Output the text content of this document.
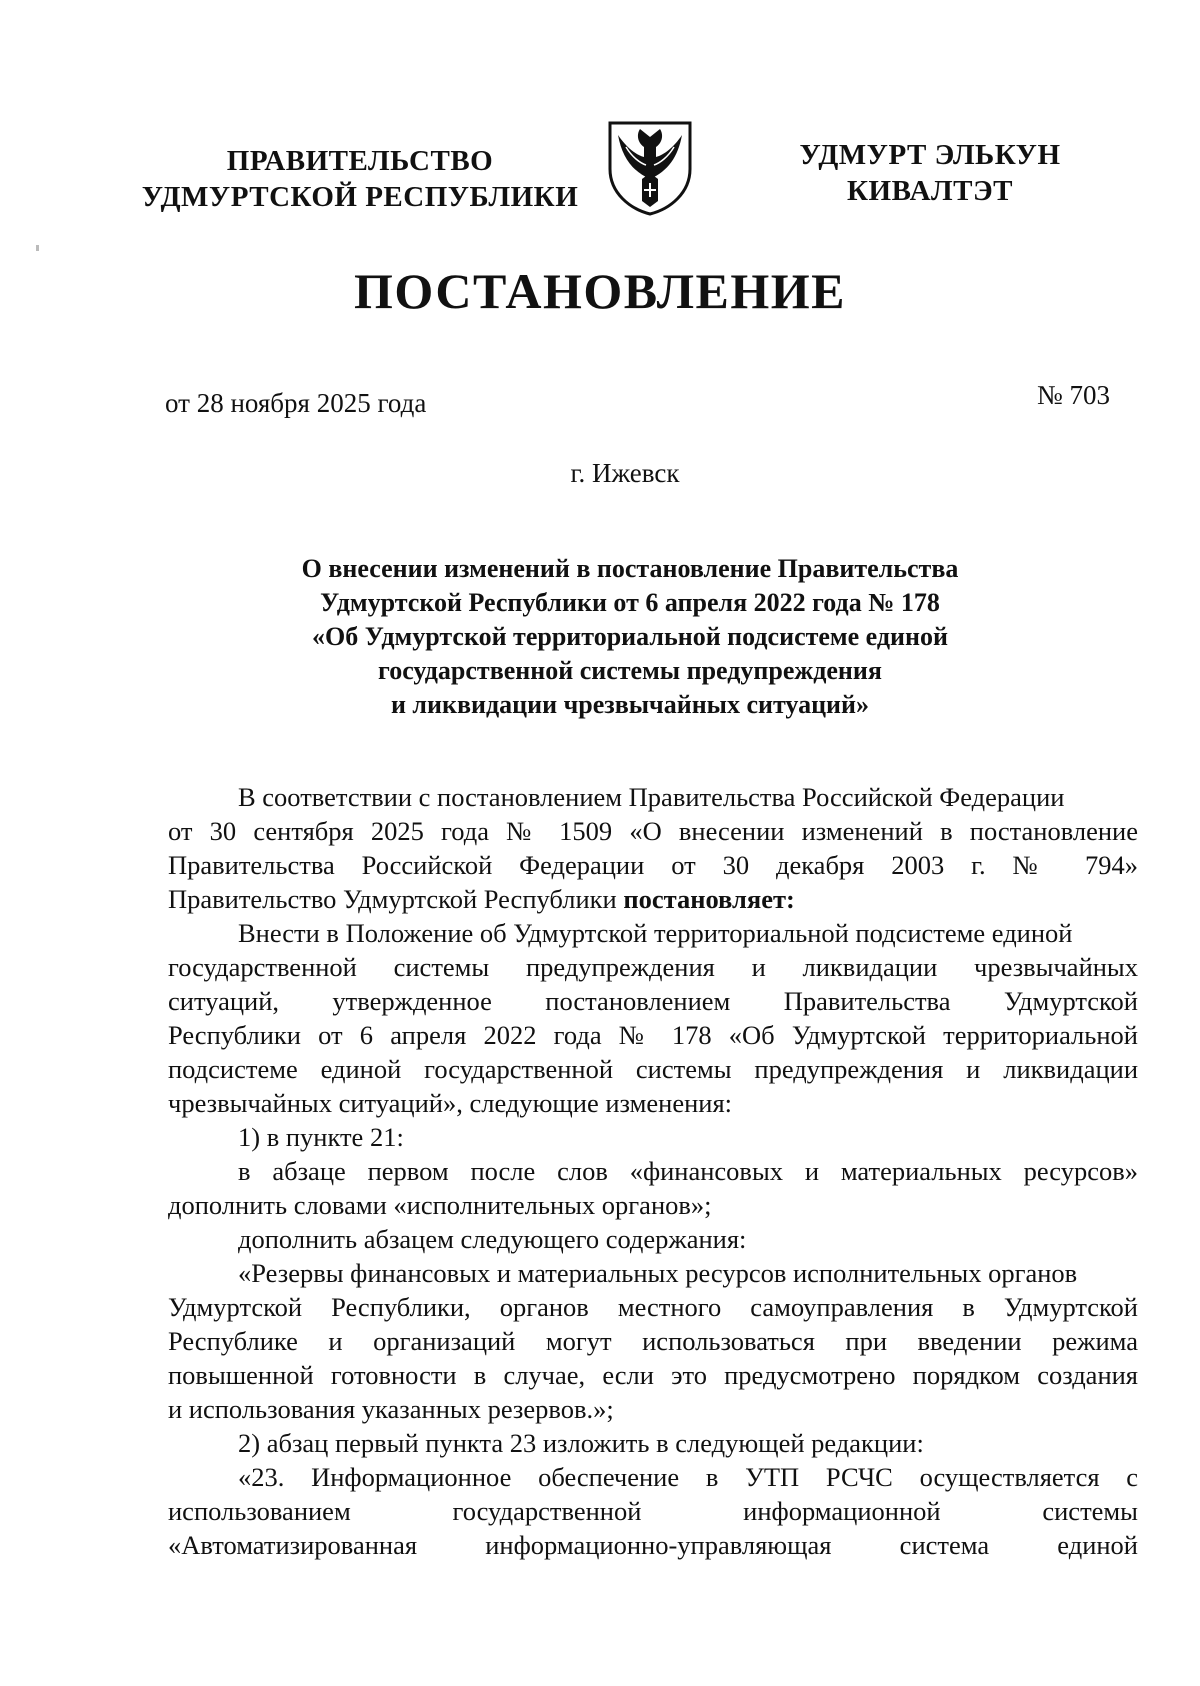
ПРАВИТЕЛЬСТВО
УДМУРТСКОЙ РЕСПУБЛИКИ
УДМУРТ ЭЛЬКУН
КИВАЛТЭТ
ПОСТАНОВЛЕНИЕ
от 28 ноября 2025 года	№ 703
г. Ижевск
О внесении изменений в постановление Правительства
Удмуртской Республики от 6 апреля 2022 года № 178
«Об Удмуртской территориальной подсистеме единой
государственной системы предупреждения
и ликвидации чрезвычайных ситуаций»
В соответствии с постановлением Правительства Российской Федерации
от 30 сентября 2025 года № 1509 «О внесении изменений в постановление
Правительства Российской Федерации от 30 декабря 2003 г. № 794»
Правительство Удмуртской Республики постановляет:
Внести в Положение об Удмуртской территориальной подсистеме единой
государственной системы предупреждения и ликвидации чрезвычайных
ситуаций, утвержденное постановлением Правительства Удмуртской
Республики от 6 апреля 2022 года № 178 «Об Удмуртской территориальной
подсистеме единой государственной системы предупреждения и ликвидации
чрезвычайных ситуаций», следующие изменения:
1) в пункте 21:
в абзаце первом после слов «финансовых и материальных ресурсов»
дополнить словами «исполнительных органов»;
дополнить абзацем следующего содержания:
«Резервы финансовых и материальных ресурсов исполнительных органов
Удмуртской Республики, органов местного самоуправления в Удмуртской
Республике и организаций могут использоваться при введении режима
повышенной готовности в случае, если это предусмотрено порядком создания
и использования указанных резервов.»;
2) абзац первый пункта 23 изложить в следующей редакции:
«23. Информационное обеспечение в УТП РСЧС осуществляется с
использованием государственной информационной системы
«Автоматизированная информационно-управляющая система единой
